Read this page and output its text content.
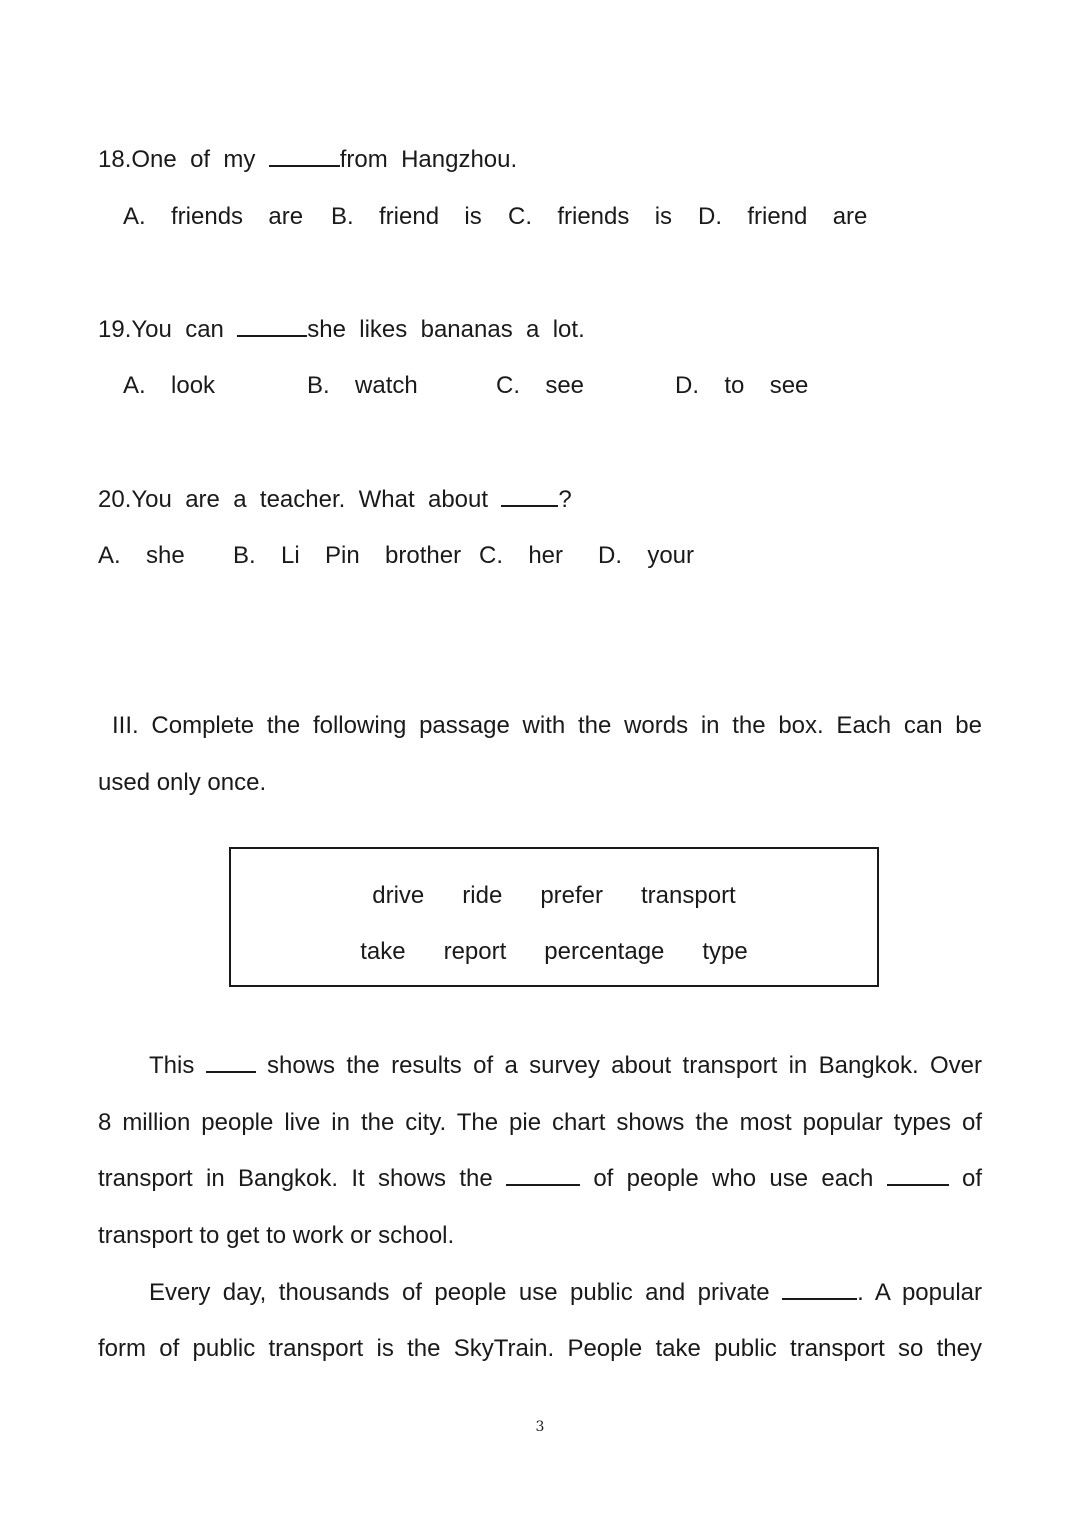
18.One  of  my	from  Hangzhou.
A.  friends  are B.  friend  is C.  friends  is D.  friend  are
19.You  can	she  likes  bananas  a  lot.
A.  look	B.  watch	C.  see	D.  to  see
20.You  are  a  teacher.  What  about  ?
A.  she B.  Li  Pin  brother C.  her D.  your
III. Complete the following passage with the words in the box. Each can be
used only once.
drive ride prefer transport
take report percentage type
This	shows the results of a survey about transport in Bangkok. Over
8 million people live in the city. The pie chart shows the most popular types of
transport in Bangkok. It shows the	of people who use each	of
transport to get to work or school.
Every day, thousands of people use public and private	. A popular
form of public transport is the SkyTrain. People take public transport so they
3
